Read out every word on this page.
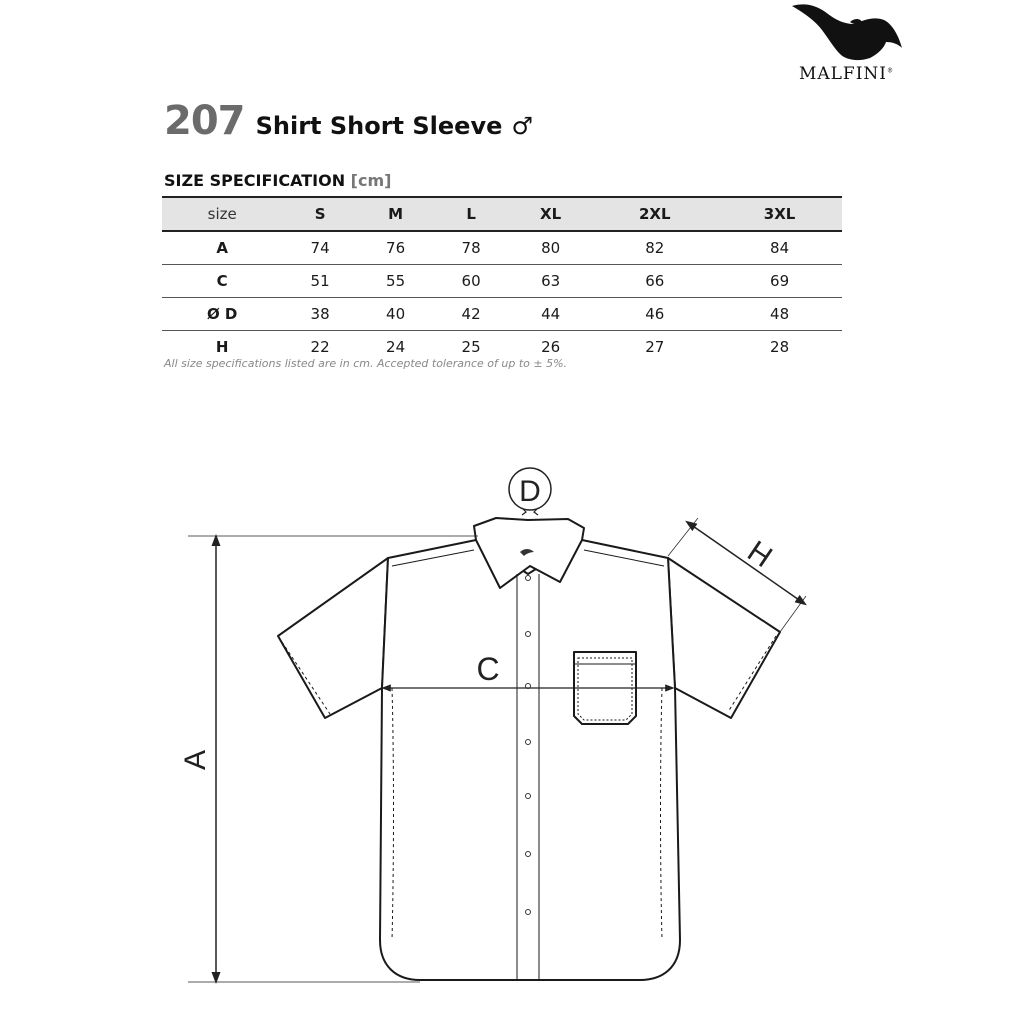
MALFINI®
207 Shirt Short Sleeve ♂
SIZE SPECIFICATION [cm]
size	S	M	L	XL	2XL	3XL
A	74	76	78	80	82	84
C	51	55	60	63	66	69
Ø D	38	40	42	44	46	48
H	22	24	25	26	27	28
All size specifications listed are in cm. Accepted tolerance of up to ± 5%.
A
C
D
H
